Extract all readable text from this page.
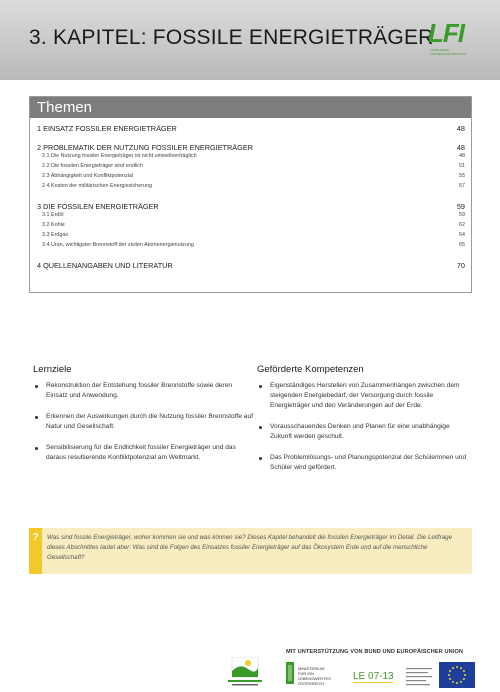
3. KAPITEL: FOSSILE ENERGIETRÄGER
LFI
LÄNDLICHES FORTBILDUNGSINSTITUT
Themen
1 EINSATZ FOSSILER ENERGIETRÄGER	48
2 PROBLEMATIK DER NUTZUNG FOSSILER ENERGIETRÄGER	48
2.1 Die Nutzung fossiler Energieträger ist nicht umweltverträglich	48
2.2 Die fossilen Energieträger sind endlich	51
2.3 Abhängigkeit und Konfliktpotenzial	55
2.4 Kosten der militärischen Energiesicherung	57
3 DIE FOSSILEN ENERGIETRÄGER	59
3.1 Erdöl	59
3.2 Kohle	62
3.3 Erdgas	64
3.4 Uran, wichtigster Brennstoff der zivilen Atomenergienutzung	65
4 QUELLENANGABEN UND LITERATUR	70
Lernziele
Rekonstruktion der Entstehung fossiler Brennstoffe sowie deren Einsatz und Anwendung.
Erkennen der Auswirkungen durch die Nutzung fossiler Brennstoffe auf Natur und Gesellschaft.
Sensibilisierung für die Endlichkeit fossiler Energieträger und das daraus resultierende Konfliktpotenzial am Weltmarkt.
Geförderte Kompetenzen
Eigenständiges Herstellen von Zusammenhängen zwischen dem steigenden Energiebedarf, der Versorgung durch fossile Energieträger und den Veränderungen auf der Erde.
Vorausschauendes Denken und Planen für eine unabhängige Zukunft werden geschult.
Das Problemlösungs- und Planungspotenzial der Schülerinnen und Schüler wird gefördert.
?	Was sind fossile Energieträger, woher kommen sie und was können sie? Dieses Kapitel behandelt die fossilen Energieträger im Detail. Die Leitfrage dieses Abschnittes lautet aber: Was sind die Folgen des Einsatzes fossiler Energieträger auf das Ökosystem Erde und auf die menschliche Gesellschaft?
MIT UNTERSTÜTZUNG VON BUND UND EUROPÄISCHER UNION
MINISTERIUM
FÜR EIN
LEBENSWERTES
ÖSTERREICH
LE 07-13
